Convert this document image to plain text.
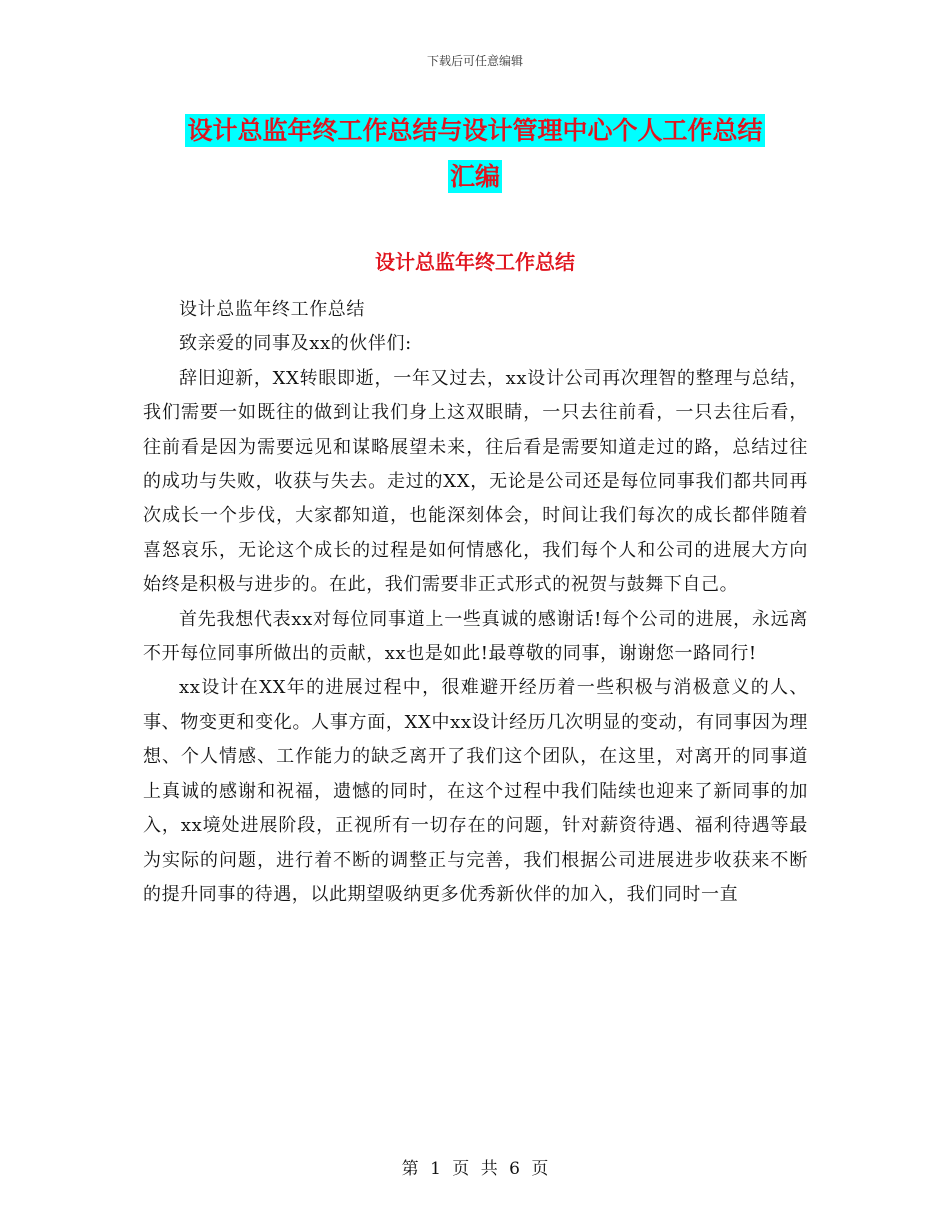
下载后可任意编辑
设计总监年终工作总结与设计管理中心个人工作总结
汇编
设计总监年终工作总结

设计总监年终工作总结

致亲爱的同事及xx的伙伴们:

辞旧迎新，XX转眼即逝，一年又过去，xx设计公司再次理智的整理与总结，我们需要一如既往的做到让我们身上这双眼睛，一只去往前看，一只去往后看，往前看是因为需要远见和谋略展望未来，往后看是需要知道走过的路，总结过往的成功与失败，收获与失去。走过的XX，无论是公司还是每位同事我们都共同再次成长一个步伐，大家都知道，也能深刻体会，时间让我们每次的成长都伴随着喜怒哀乐，无论这个成长的过程是如何情感化，我们每个人和公司的进展大方向始终是积极与进步的。在此，我们需要非正式形式的祝贺与鼓舞下自己。

首先我想代表xx对每位同事道上一些真诚的感谢话!每个公司的进展，永远离不开每位同事所做出的贡献，xx也是如此!最尊敬的同事，谢谢您一路同行!

xx设计在XX年的进展过程中，很难避开经历着一些积极与消极意义的人、事、物变更和变化。人事方面，XX中xx设计经历几次明显的变动，有同事因为理想、个人情感、工作能力的缺乏离开了我们这个团队，在这里，对离开的同事道上真诚的感谢和祝福，遗憾的同时，在这个过程中我们陆续也迎来了新同事的加入，xx境处进展阶段，正视所有一切存在的问题，针对薪资待遇、福利待遇等最为实际的问题，进行着不断的调整正与完善，我们根据公司进展进步收获来不断的提升同事的待遇，以此期望吸纳更多优秀新伙伴的加入，我们同时一直

第 1 页 共 6 页
